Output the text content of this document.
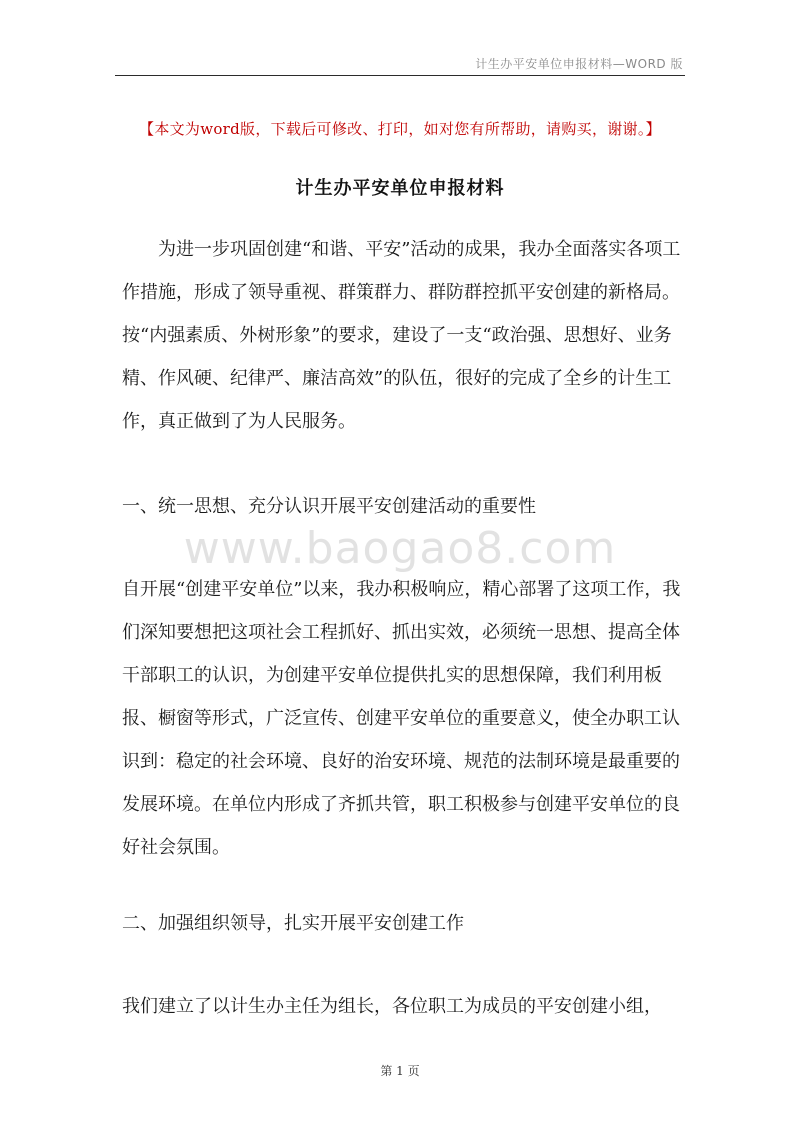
计生办平安单位申报材料—WORD 版
【本文为word版，下载后可修改、打印，如对您有所帮助，请购买，谢谢。】
计生办平安单位申报材料
为进一步巩固创建“和谐、平安”活动的成果，我办全面落实各项工作措施，形成了领导重视、群策群力、群防群控抓平安创建的新格局。按“内强素质、外树形象”的要求，建设了一支“政治强、思想好、业务精、作风硬、纪律严、廉洁高效”的队伍，很好的完成了全乡的计生工作，真正做到了为人民服务。
一、统一思想、充分认识开展平安创建活动的重要性
www.baogao8.com
自开展“创建平安单位”以来，我办积极响应，精心部署了这项工作，我们深知要想把这项社会工程抓好、抓出实效，必须统一思想、提高全体干部职工的认识，为创建平安单位提供扎实的思想保障，我们利用板报、橱窗等形式，广泛宣传、创建平安单位的重要意义，使全办职工认识到：稳定的社会环境、良好的治安环境、规范的法制环境是最重要的发展环境。在单位内形成了齐抓共管，职工积极参与创建平安单位的良好社会氛围。
二、加强组织领导，扎实开展平安创建工作
我们建立了以计生办主任为组长，各位职工为成员的平安创建小组，
第 1 页
